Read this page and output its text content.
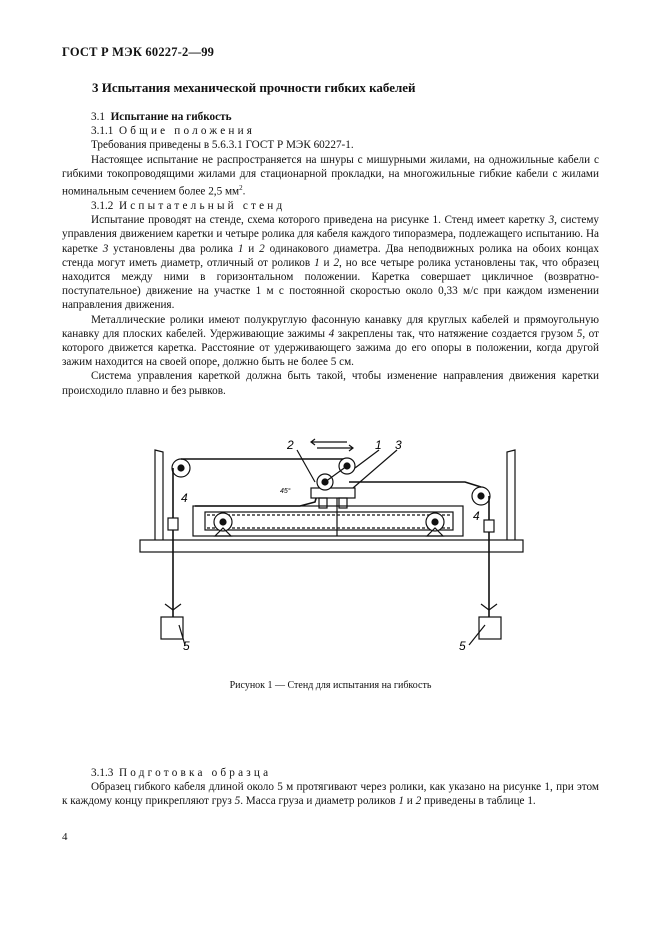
ГОСТ Р МЭК 60227-2—99
3 Испытания механической прочности гибких кабелей

3.1 Испытание на гибкость

3.1.1 Общие положения

Требования приведены в 5.6.3.1 ГОСТ Р МЭК 60227-1.

Настоящее испытание не распространяется на шнуры с мишурными жилами, на одножильные кабели с гибкими токопроводящими жилами для стационарной прокладки, на многожильные гибкие кабели с жилами номинальным сечением более 2,5 $мм^2$.

3.1.2 Испытательный стенд

Испытание проводят на стенде, схема которого приведена на рисунке 1. Стенд имеет каретку 3, систему управления движением каретки и четыре ролика для кабеля каждого типоразмера, подлежащего испытанию. На каретке 3 установлены два ролика 1 и 2 одинакового диаметра. Два неподвижных ролика на обоих концах стенда могут иметь диаметр, отличный от роликов 1 и 2, но все четыре ролика установлены так, что образец находится между ними в горизонтальном положении. Каретка совершает цикличное (возвратно-поступательное) движение на участке 1 м с постоянной скоростью около 0,33 м/с при каждом изменении направления движения.

Металлические ролики имеют полукруглую фасонную канавку для круглых кабелей и прямоугольную канавку для плоских кабелей. Удерживающие зажимы 4 закреплены так, что натяжение создается грузом 5, от которого движется каретка. Расстояние от удерживающего зажима до его опоры в положении, когда другой зажим находится на своей опоре, должно быть не более 5 см.

Система управления кареткой должна быть такой, чтобы изменение направления движения каретки происходило плавно и без рывков.

2	1 3
4
4
5	5
45°
Рисунок 1 — Стенд для испытания на гибкость

3.1.3 Подготовка образца

Образец гибкого кабеля длиной около 5 м протягивают через ролики, как указано на рисунке 1, при этом к каждому концу прикрепляют груз 5. Масса груза и диаметр роликов 1 и 2 приведены в таблице 1.

4
